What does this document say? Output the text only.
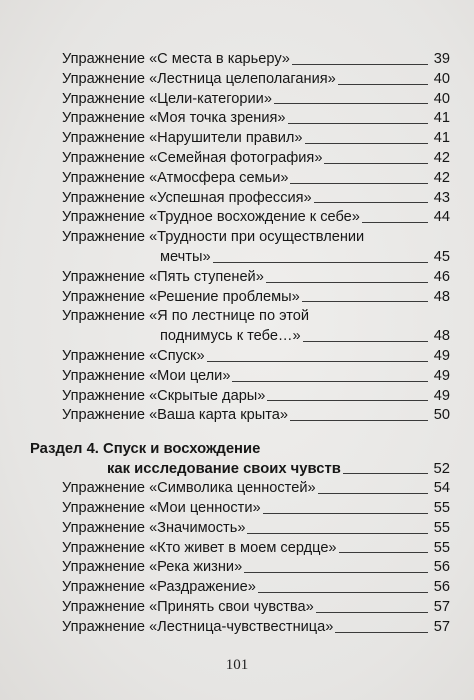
Упражнение «С места в карьеру»	39
Упражнение «Лестница целеполагания»	40
Упражнение «Цели-категории»	40
Упражнение «Моя точка зрения»	41
Упражнение «Нарушители правил»	41
Упражнение «Семейная фотография»	42
Упражнение «Атмосфера семьи»	42
Упражнение «Успешная профессия»	43
Упражнение «Трудное восхождение к себе»	44
Упражнение «Трудности при осуществлении
мечты»	45
Упражнение «Пять ступеней»	46
Упражнение «Решение проблемы»	48
Упражнение «Я по лестнице по этой
поднимусь к тебе…»	48
Упражнение «Спуск»	49
Упражнение «Мои цели»	49
Упражнение «Скрытые дары»	49
Упражнение «Ваша карта крыта»	50
Раздел 4. Спуск и восхождение
как исследование своих чувств	52
Упражнение «Символика ценностей»	54
Упражнение «Мои ценности»	55
Упражнение «Значимость»	55
Упражнение «Кто живет в моем сердце»	55
Упражнение «Река жизни»	56
Упражнение «Раздражение»	56
Упражнение «Принять свои чувства»	57
Упражнение «Лестница-чувствестница»	57
101
